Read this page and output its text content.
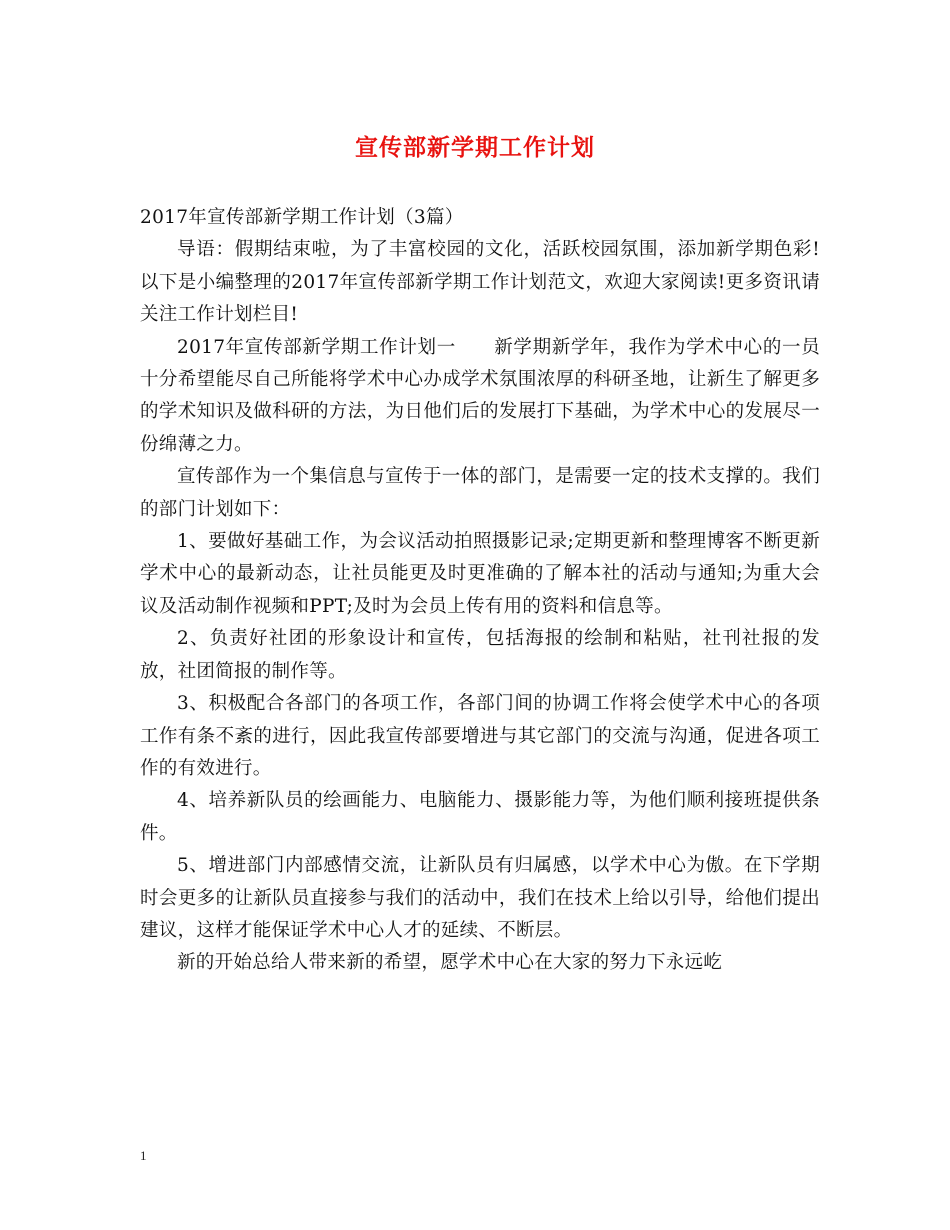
宣传部新学期工作计划

2017年宣传部新学期工作计划（3篇）

导语：假期结束啦，为了丰富校园的文化，活跃校园氛围，添加新学期色彩!以下是小编整理的2017年宣传部新学期工作计划范文，欢迎大家阅读!更多资讯请关注工作计划栏目!

2017年宣传部新学期工作计划一　　新学期新学年，我作为学术中心的一员十分希望能尽自己所能将学术中心办成学术氛围浓厚的科研圣地，让新生了解更多的学术知识及做科研的方法，为日他们后的发展打下基础，为学术中心的发展尽一份绵薄之力。

宣传部作为一个集信息与宣传于一体的部门，是需要一定的技术支撑的。我们的部门计划如下：

1、要做好基础工作，为会议活动拍照摄影记录;定期更新和整理博客不断更新学术中心的最新动态，让社员能更及时更准确的了解本社的活动与通知;为重大会议及活动制作视频和PPT;及时为会员上传有用的资料和信息等。

2、负责好社团的形象设计和宣传，包括海报的绘制和粘贴，社刊社报的发放，社团简报的制作等。

3、积极配合各部门的各项工作，各部门间的协调工作将会使学术中心的各项工作有条不紊的进行，因此我宣传部要增进与其它部门的交流与沟通，促进各项工作的有效进行。

4、培养新队员的绘画能力、电脑能力、摄影能力等，为他们顺利接班提供条件。

5、增进部门内部感情交流，让新队员有归属感，以学术中心为傲。在下学期时会更多的让新队员直接参与我们的活动中，我们在技术上给以引导，给他们提出建议，这样才能保证学术中心人才的延续、不断层。

新的开始总给人带来新的希望，愿学术中心在大家的努力下永远屹

1
